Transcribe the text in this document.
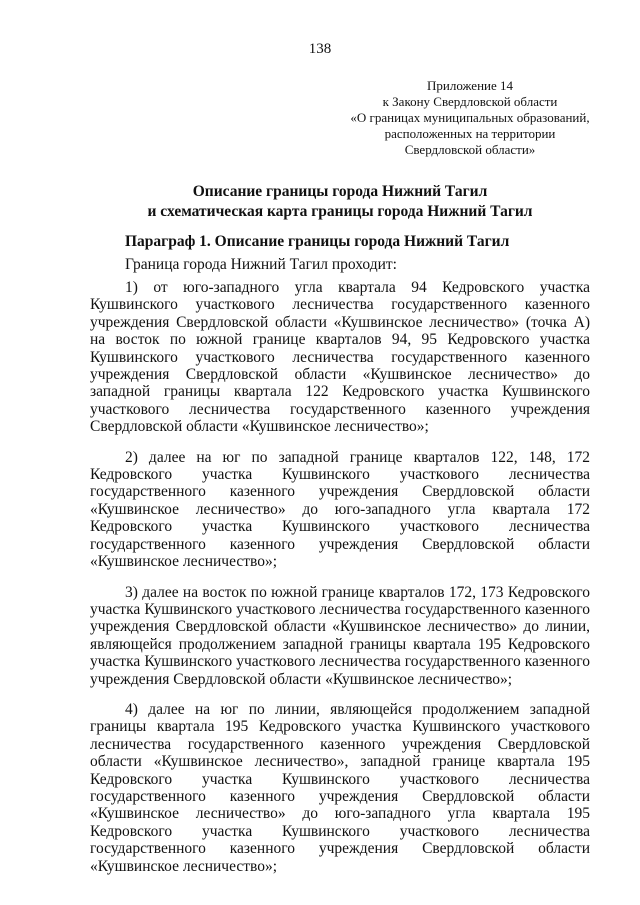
138
Приложение 14
к Закону Свердловской области
«О границах муниципальных образований,
расположенных на территории
Свердловской области»
Описание границы города Нижний Тагил
и схематическая карта границы города Нижний Тагил
Параграф 1. Описание границы города Нижний Тагил
Граница города Нижний Тагил проходит:

1) от юго-западного угла квартала 94 Кедровского участка Кушвинского участкового лесничества государственного казенного учреждения Свердловской области «Кушвинское лесничество» (точка А) на восток по южной границе кварталов 94, 95 Кедровского участка Кушвинского участкового лесничества государственного казенного учреждения Свердловской области «Кушвинское лесничество» до западной границы квартала 122 Кедровского участка Кушвинского участкового лесничества государственного казенного учреждения Свердловской области «Кушвинское лесничество»;

2) далее на юг по западной границе кварталов 122, 148, 172 Кедровского участка Кушвинского участкового лесничества государственного казенного учреждения Свердловской области «Кушвинское лесничество» до юго-западного угла квартала 172 Кедровского участка Кушвинского участкового лесничества государственного казенного учреждения Свердловской области «Кушвинское лесничество»;

3) далее на восток по южной границе кварталов 172, 173 Кедровского участка Кушвинского участкового лесничества государственного казенного учреждения Свердловской области «Кушвинское лесничество» до линии, являющейся продолжением западной границы квартала 195 Кедровского участка Кушвинского участкового лесничества государственного казенного учреждения Свердловской области «Кушвинское лесничество»;

4) далее на юг по линии, являющейся продолжением западной границы квартала 195 Кедровского участка Кушвинского участкового лесничества государственного казенного учреждения Свердловской области «Кушвинское лесничество», западной границе квартала 195 Кедровского участка Кушвинского участкового лесничества государственного казенного учреждения Свердловской области «Кушвинское лесничество» до юго-западного угла квартала 195 Кедровского участка Кушвинского участкового лесничества государственного казенного учреждения Свердловской области «Кушвинское лесничество»;
